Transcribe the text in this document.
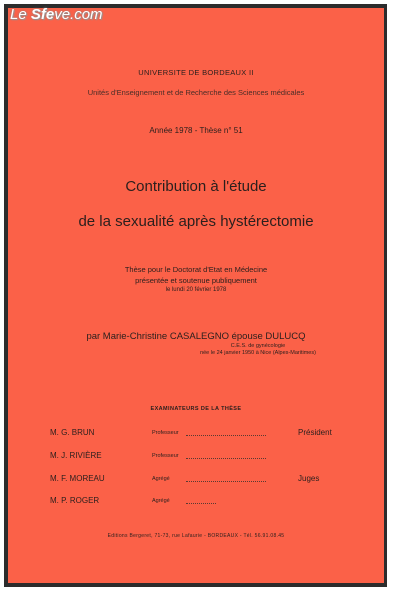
Le Sfeve.com
UNIVERSITE DE BORDEAUX II
Unités d'Enseignement et de Recherche des Sciences médicales
Année 1978 - Thèse n° 51
Contribution à l'étude
de la sexualité après hystérectomie
Thèse pour le Doctorat d'Etat en Médecine
présentée et soutenue publiquement
le lundi 20 février 1978
par Marie-Christine CASALEGNO épouse DULUCQ
C.E.S. de gynécologie
née le 24 janvier 1950 à Nice (Alpes-Maritimes)
EXAMINATEURS DE LA THÈSE
M. G. BRUN	Professeur	Président
M. J. RIVIÈRE	Professeur
M. F. MOREAU	Agrégé	Juges
M. P. ROGER	Agrégé
Editions Bergeret, 71-73, rue Lafaurie - BORDEAUX - Tél. 56.91.08.45
